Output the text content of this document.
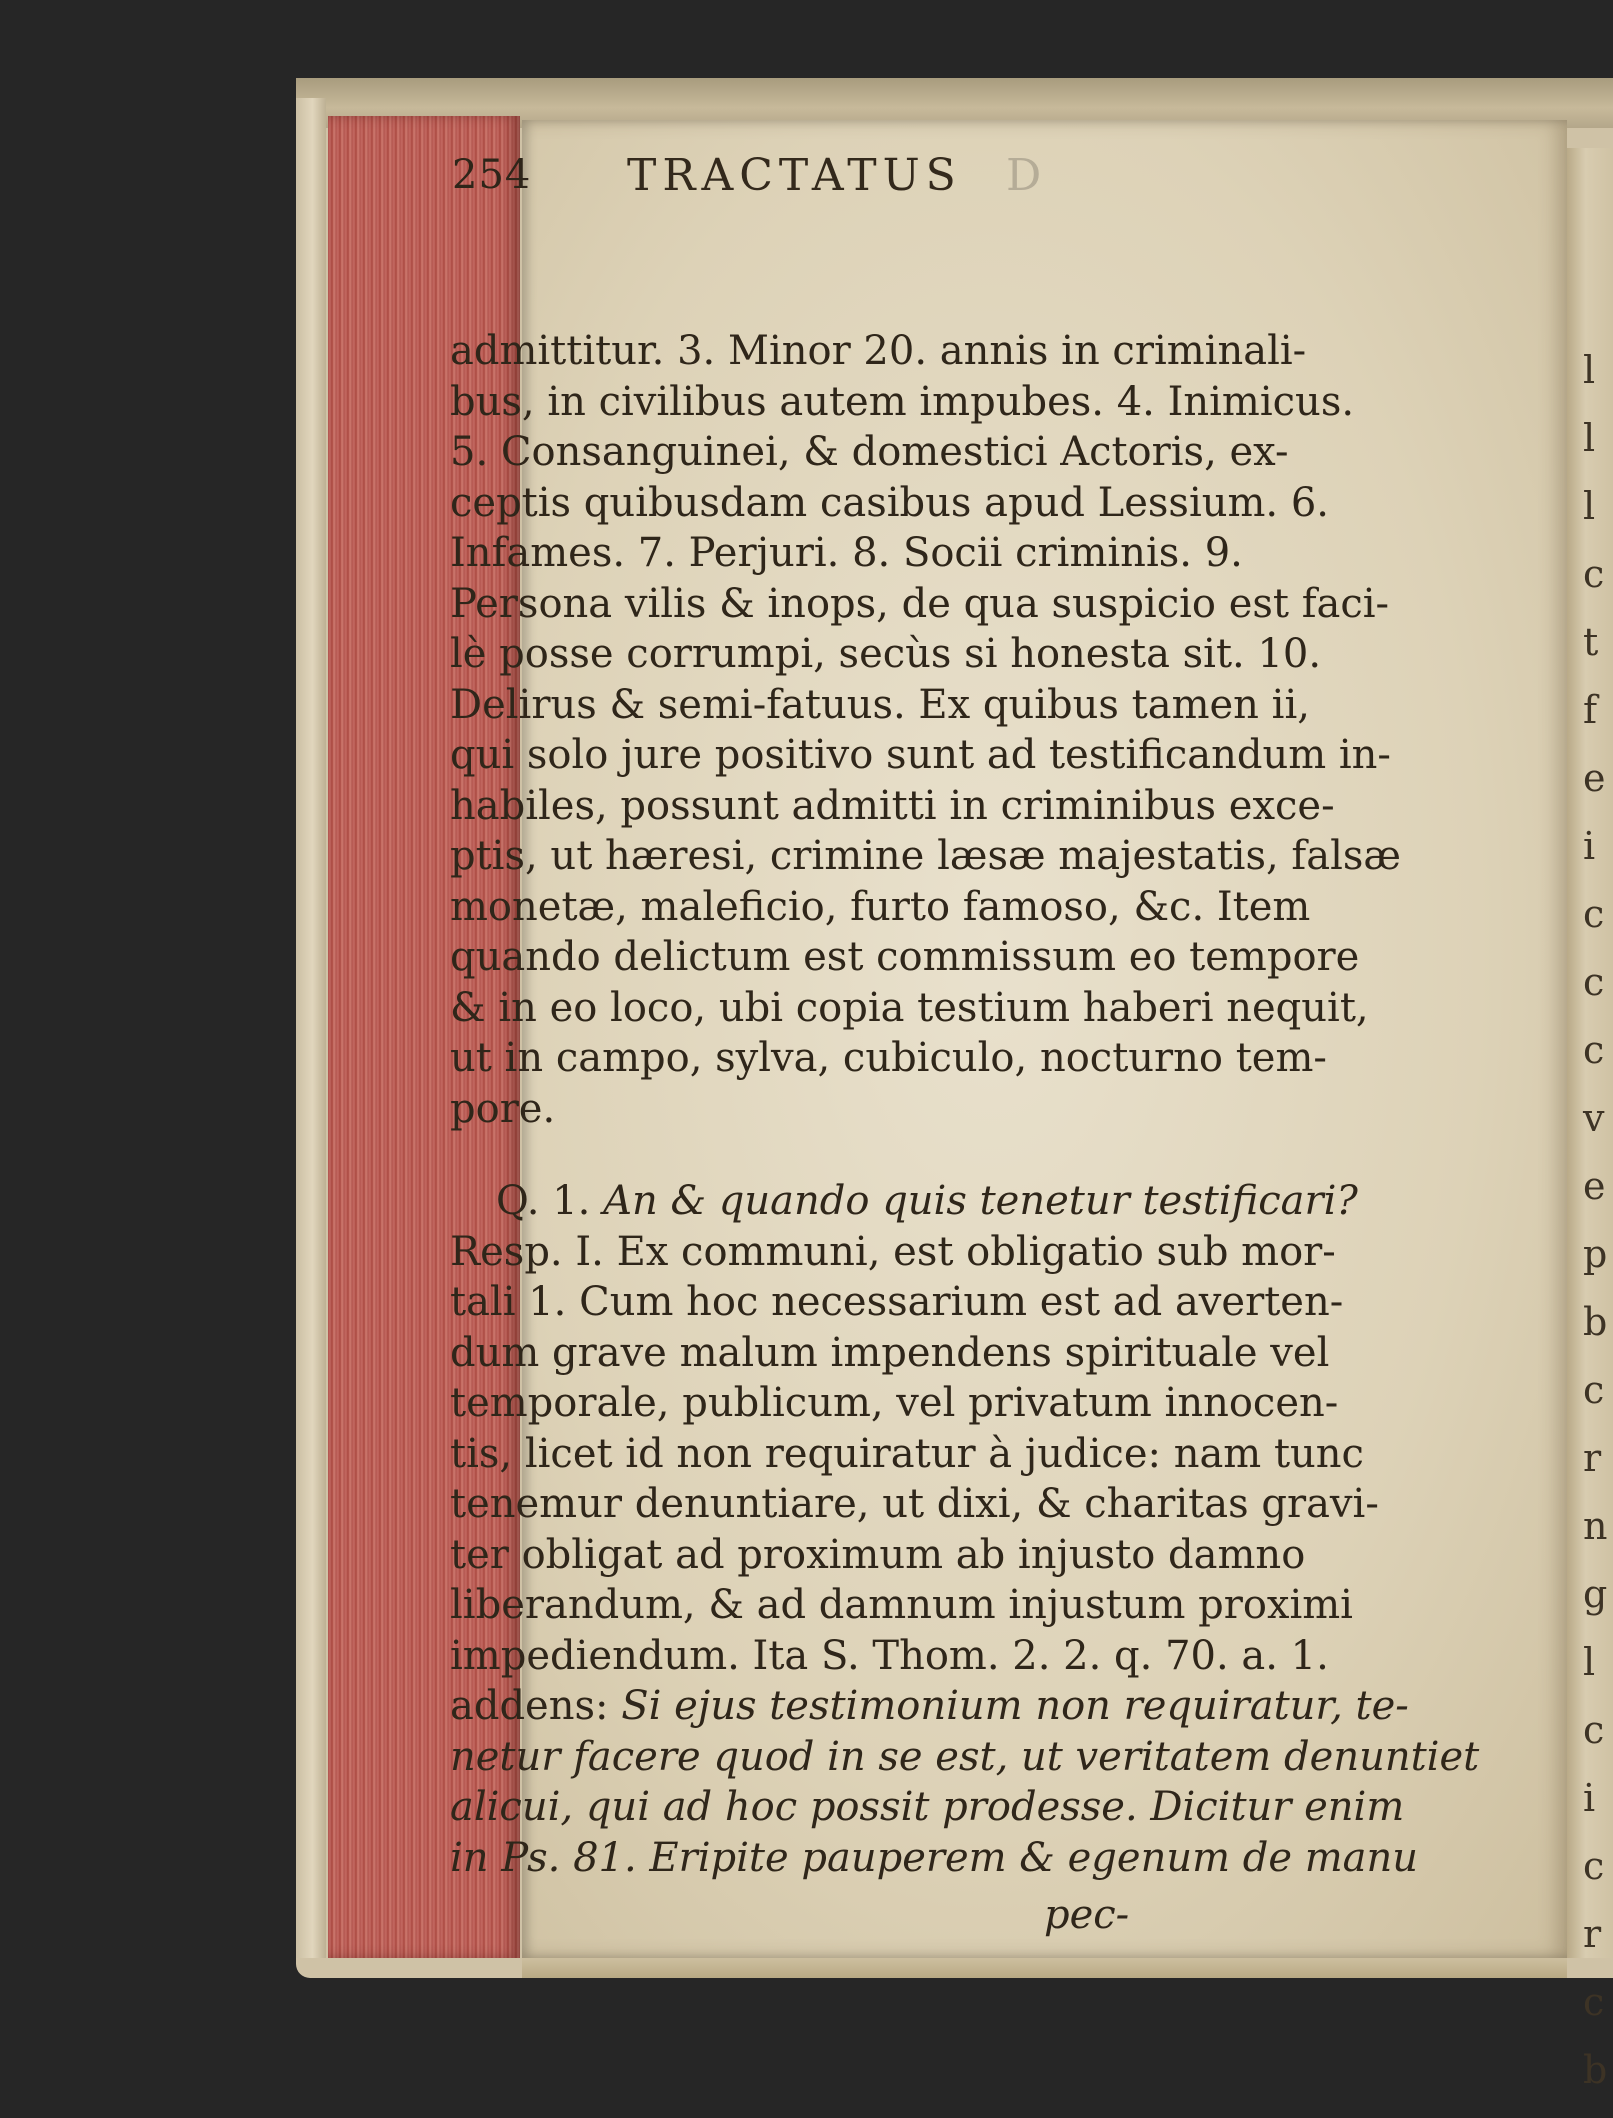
l
l
l
c
t
f
e
i
c
c
c
v
e
p
b
c
r
n
g
l
c
i
c
r
c
b
254 TRACTATUS D
admittitur. 3. Minor 20. annis in criminali-
bus, in civilibus autem impubes. 4. Inimicus.
5. Consanguinei, & domestici Actoris, ex-
ceptis quibusdam casibus apud Lessium. 6.
Infames. 7. Perjuri. 8. Socii criminis. 9.
Persona vilis & inops, de qua suspicio est faci-
lè posse corrumpi, secùs si honesta sit. 10.
Delirus & semi-fatuus. Ex quibus tamen ii,
qui solo jure positivo sunt ad testificandum in-
habiles, possunt admitti in criminibus exce-
ptis, ut hæresi, crimine læsæ majestatis, falsæ
monetæ, maleficio, furto famoso, &c. Item
quando delictum est commissum eo tempore
& in eo loco, ubi copia testium haberi nequit,
ut in campo, sylva, cubiculo, nocturno tem-
pore.
Q. 1. An & quando quis tenetur testificari?
Resp. I. Ex communi, est obligatio sub mor-
tali 1. Cum hoc necessarium est ad averten-
dum grave malum impendens spirituale vel
temporale, publicum, vel privatum innocen-
tis, licet id non requiratur à judice: nam tunc
tenemur denuntiare, ut dixi, & charitas gravi-
ter obligat ad proximum ab injusto damno
liberandum, & ad damnum injustum proximi
impediendum. Ita S. Thom. 2. 2. q. 70. a. 1.
addens: Si ejus testimonium non requiratur, te-
netur facere quod in se est, ut veritatem denuntiet
alicui, qui ad hoc possit prodesse. Dicitur enim
in Ps. 81. Eripite pauperem & egenum de manu
pec-
